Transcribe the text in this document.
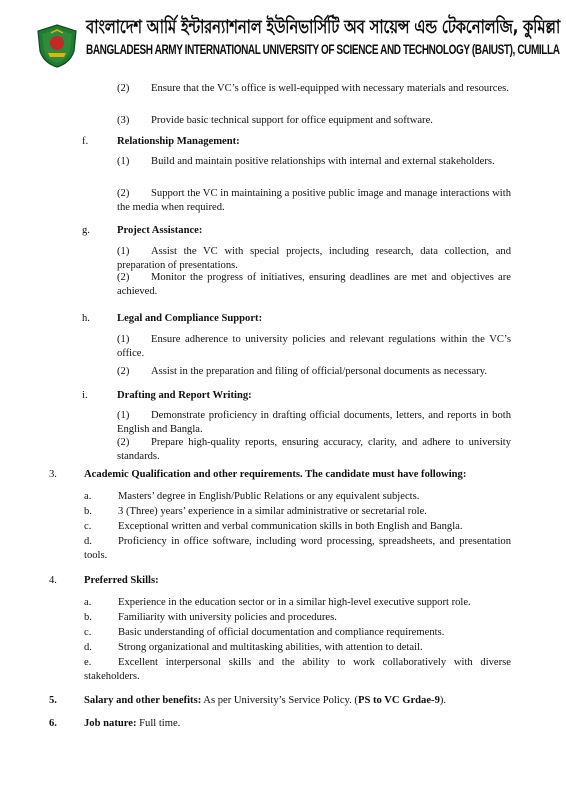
বাংলাদেশ আর্মি ইন্টারন্যাশনাল ইউনিভার্সিটি অব সায়েন্স এন্ড টেকনোলজি, কুমিল্লা
BANGLADESH ARMY INTERNATIONAL UNIVERSITY OF SCIENCE AND TECHNOLOGY (BAIUST), CUMILLA
(2) Ensure that the VC’s office is well-equipped with necessary materials and resources.
(3) Provide basic technical support for office equipment and software.
f.	Relationship Management:
(1) Build and maintain positive relationships with internal and external stakeholders.
(2) Support the VC in maintaining a positive public image and manage interactions with the media when required.
g.	Project Assistance:
(1) Assist the VC with special projects, including research, data collection, and preparation of presentations.
(2) Monitor the progress of initiatives, ensuring deadlines are met and objectives are achieved.
h.	Legal and Compliance Support:
(1) Ensure adherence to university policies and relevant regulations within the VC’s office.
(2) Assist in the preparation and filing of official/personal documents as necessary.
i.	Drafting and Report Writing:
(1) Demonstrate proficiency in drafting official documents, letters, and reports in both English and Bangla.
(2) Prepare high-quality reports, ensuring accuracy, clarity, and adhere to university standards.
3.	Academic Qualification and other requirements. The candidate must have following:
a.	Masters’ degree in English/Public Relations or any equivalent subjects.
b. 3 (Three) years’ experience in a similar administrative or secretarial role.
c.	Exceptional written and verbal communication skills in both English and Bangla.
d. Proficiency in office software, including word processing, spreadsheets, and presentation tools.
4.	Preferred Skills:
a.	Experience in the education sector or in a similar high-level executive support role.
b. Familiarity with university policies and procedures.
c.	Basic understanding of official documentation and compliance requirements.
d. Strong organizational and multitasking abilities, with attention to detail.
e.	Excellent interpersonal skills and the ability to work collaboratively with diverse stakeholders.
5.	Salary and other benefits: As per University’s Service Policy. (PS to VC Grdae-9).
6.	Job nature: Full time.
